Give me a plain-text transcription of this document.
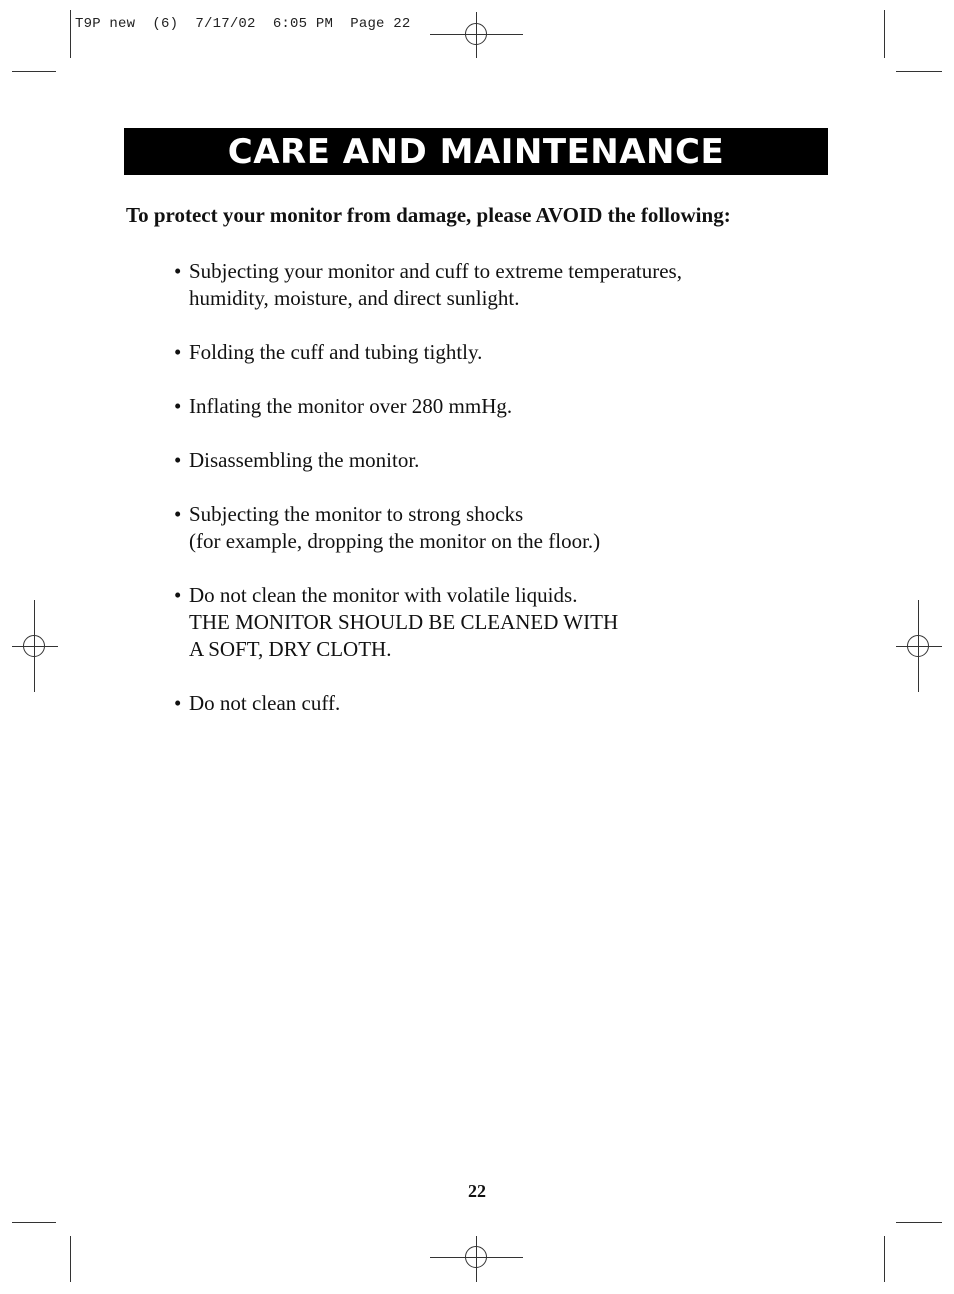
T9P new  (6)  7/17/02  6:05 PM  Page 22
CARE AND MAINTENANCE
To protect your monitor from damage, please AVOID the following:
• Subjecting your monitor and cuff to extreme temperatures,
humidity, moisture, and direct sunlight.
• Folding the cuff and tubing tightly.
• Inflating the monitor over 280 mmHg.
• Disassembling the monitor.
• Subjecting the monitor to strong shocks
(for example, dropping the monitor on the floor.)
• Do not clean the monitor with volatile liquids.
THE MONITOR SHOULD BE CLEANED WITH
A SOFT, DRY CLOTH.
• Do not clean cuff.
22
